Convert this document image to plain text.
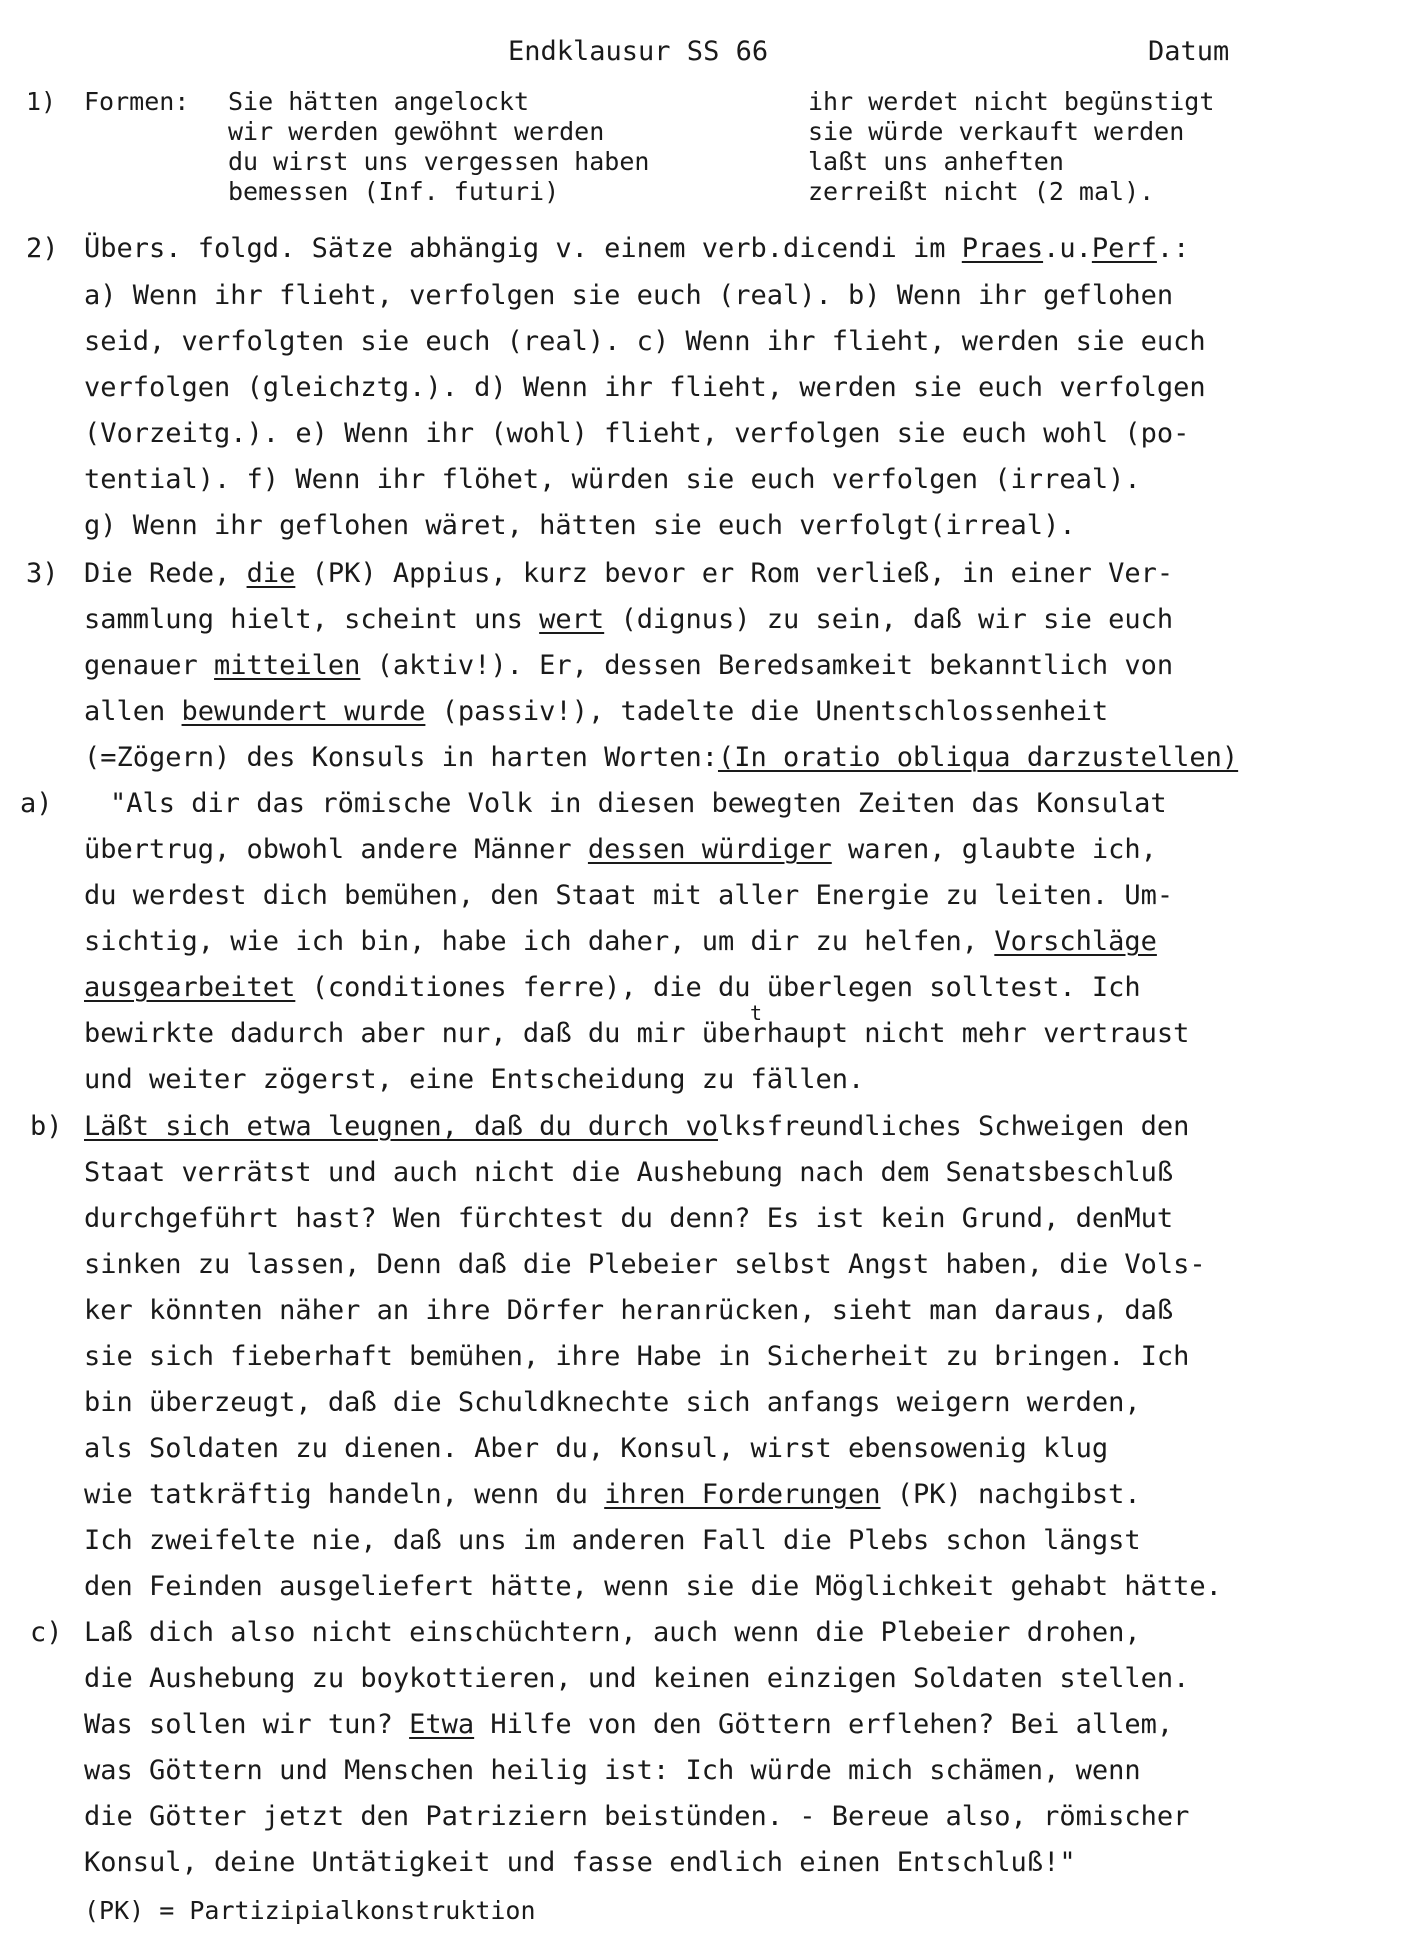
Endklausur SS 66	Datum
1) Formen: Sie hätten angelockt
wir werden gewöhnt werden
du wirst uns vergessen haben
bemessen (Inf. futuri)
ihr werdet nicht begünstigt
sie würde verkauft werden
laßt uns anheften
zerreißt nicht (2 mal).
2) Übers. folgd. Sätze abhängig v. einem verb.dicendi im Praes.u.Perf.:
a) Wenn ihr flieht, verfolgen sie euch (real). b) Wenn ihr geflohen
seid, verfolgten sie euch (real). c) Wenn ihr flieht, werden sie euch
verfolgen (gleichztg.). d) Wenn ihr flieht, werden sie euch verfolgen
(Vorzeitg.). e) Wenn ihr (wohl) flieht, verfolgen sie euch wohl (po-
tential). f) Wenn ihr flöhet, würden sie euch verfolgen (irreal).
g) Wenn ihr geflohen wäret, hätten sie euch verfolgt(irreal).
3) Die Rede, die (PK) Appius, kurz bevor er Rom verließ, in einer Ver-
sammlung hielt, scheint uns wert (dignus) zu sein, daß wir sie euch
genauer mitteilen (aktiv!). Er, dessen Beredsamkeit bekanntlich von
allen bewundert wurde (passiv!), tadelte die Unentschlossenheit
(=Zögern) des Konsuls in harten Worten:(In oratio obliqua darzustellen)
a) "Als dir das römische Volk in diesen bewegten Zeiten das Konsulat
übertrug, obwohl andere Männer dessen würdiger waren, glaubte ich,
du werdest dich bemühen, den Staat mit aller Energie zu leiten. Um-
sichtig, wie ich bin, habe ich daher, um dir zu helfen, Vorschläge
ausgearbeitet (conditiones ferre), die du überlegen solltest. Ich
t
bewirkte dadurch aber nur, daß du mir überhaupt nicht mehr vertraust
und weiter zögerst, eine Entscheidung zu fällen.
b) Läßt sich etwa leugnen, daß du durch volksfreundliches Schweigen den
Staat verrätst und auch nicht die Aushebung nach dem Senatsbeschluß
durchgeführt hast? Wen fürchtest du denn? Es ist kein Grund, denMut
sinken zu lassen, Denn daß die Plebeier selbst Angst haben, die Vols-
ker könnten näher an ihre Dörfer heranrücken, sieht man daraus, daß
sie sich fieberhaft bemühen, ihre Habe in Sicherheit zu bringen. Ich
bin überzeugt, daß die Schuldknechte sich anfangs weigern werden,
als Soldaten zu dienen. Aber du, Konsul, wirst ebensowenig klug
wie tatkräftig handeln, wenn du ihren Forderungen (PK) nachgibst.
Ich zweifelte nie, daß uns im anderen Fall die Plebs schon längst
den Feinden ausgeliefert hätte, wenn sie die Möglichkeit gehabt hätte.
c) Laß dich also nicht einschüchtern, auch wenn die Plebeier drohen,
die Aushebung zu boykottieren, und keinen einzigen Soldaten stellen.
Was sollen wir tun? Etwa Hilfe von den Göttern erflehen? Bei allem,
was Göttern und Menschen heilig ist: Ich würde mich schämen, wenn
die Götter jetzt den Patriziern beistünden. - Bereue also, römischer
Konsul, deine Untätigkeit und fasse endlich einen Entschluß!"
(PK) = Partizipialkonstruktion
